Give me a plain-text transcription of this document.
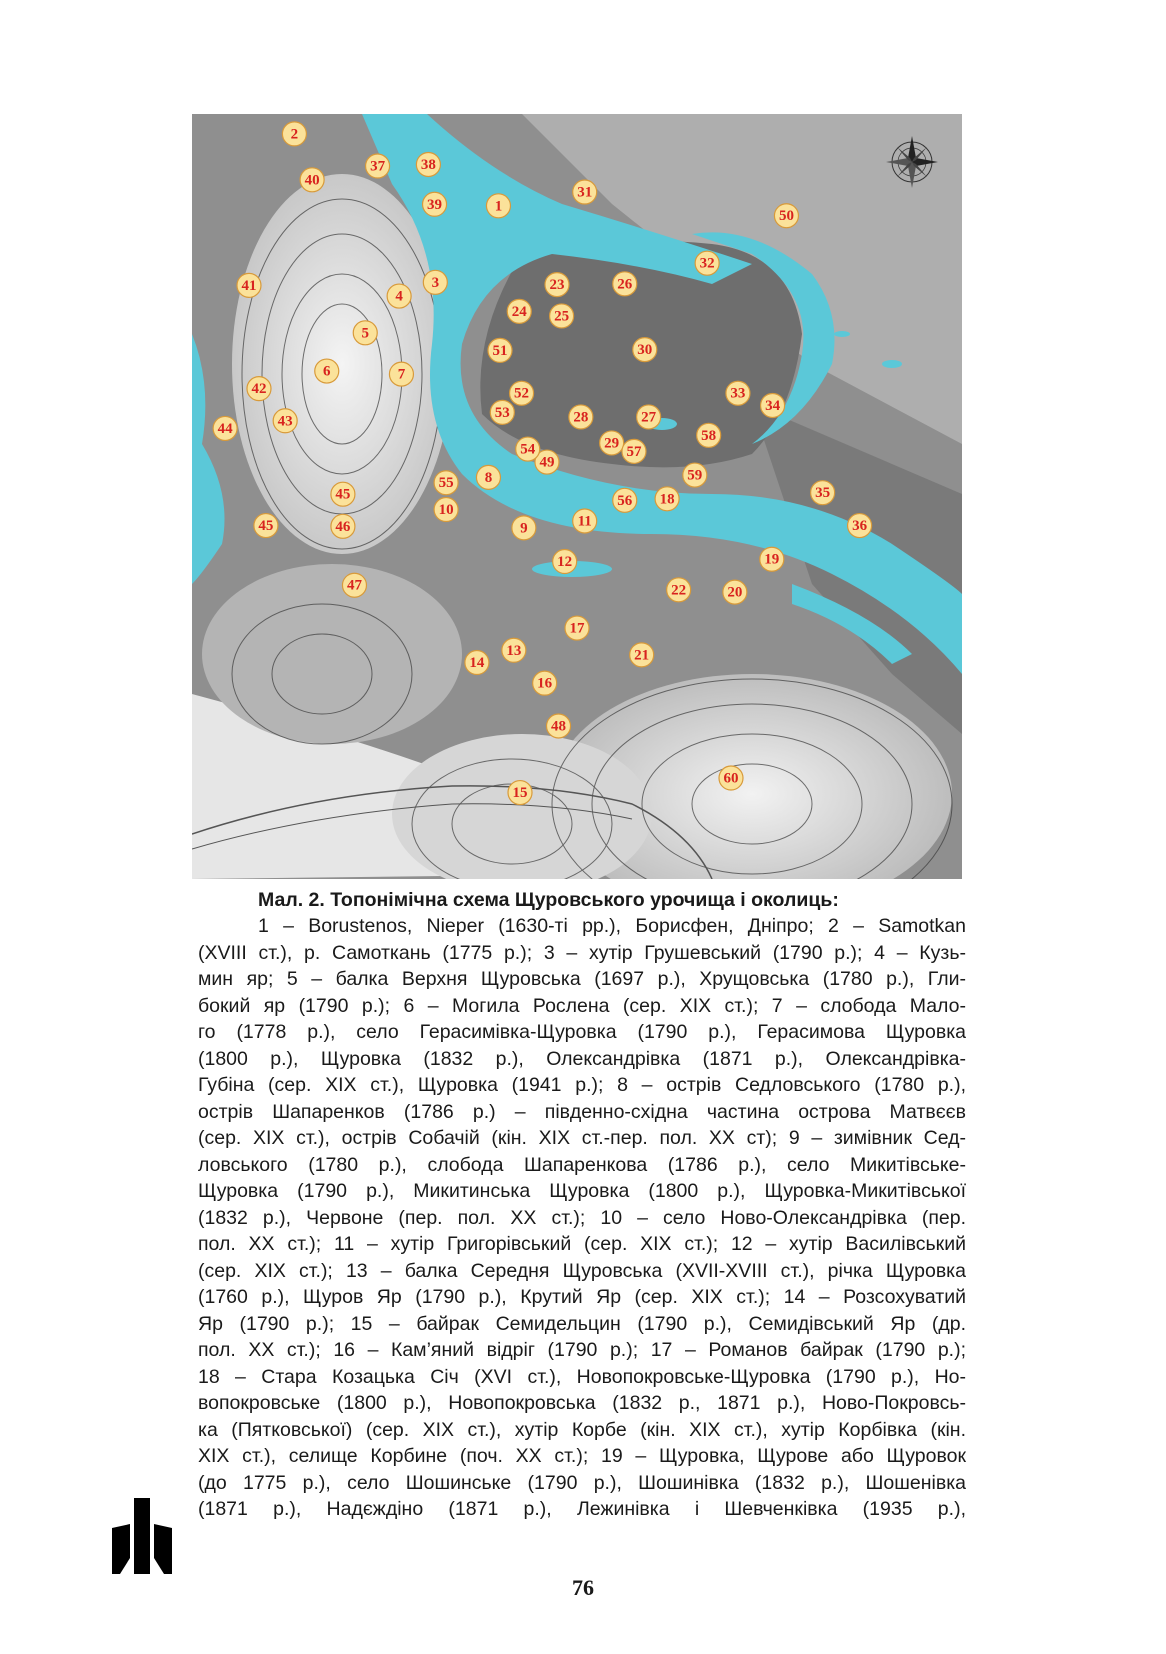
1
2
3
4
5
6	7
8
9
10
11
12
13
14
15
16
17
18
19
20
21
22
23
24 25
26
27
28
29
30
31
32
33
34
35
36
37 38
39
40
41
42
43
44
45
45	46
47
48
49
50
51
52
53
54
55
56
57
58
59
60
Мал. 2. Топонімічна схема Щуровського урочища і околиць:
1 – Borustenos, Nieper (1630-ті рр.), Борисфен, Дніпро; 2 – Samotkan
(XVIII ст.), р. Самоткань (1775 р.); 3 – хутір Грушевський (1790 р.); 4 – Кузь-
мин яр; 5 – балка Верхня Щуровська (1697 р.), Хрущовська (1780 р.), Гли-
бокий яр (1790 р.); 6 – Могила Рослена (сер. ХІХ ст.); 7 – слобода Мало-
го (1778 р.), село Герасимівка-Щуровка (1790 р.), Герасимова Щуровка
(1800 р.), Щуровка (1832 р.), Олександрівка (1871 р.), Олександрівка-
Губіна (сер. ХІХ ст.), Щуровка (1941 р.); 8 – острів Седловського (1780 р.),
острів Шапаренков (1786 р.) – південно-східна частина острова Матвєєв
(сер. ХІХ ст.), острів Собачій (кін. ХІХ ст.-пер. пол. ХХ ст); 9 – зимівник Сед-
ловського (1780 р.), слобода Шапаренкова (1786 р.), село Микитівське-
Щуровка (1790 р.), Микитинська Щуровка (1800 р.), Щуровка-Микитівської
(1832 р.), Червоне (пер. пол. ХХ ст.); 10 – село Ново-Олександрівка (пер.
пол. ХХ ст.); 11 – хутір Григорівський (сер. ХІХ ст.); 12 – хутір Василівський
(сер. ХІХ ст.); 13 – балка Середня Щуровська (XVII-XVIII ст.), річка Щуровка
(1760 р.), Щуров Яр (1790 р.), Крутий Яр (сер. ХІХ ст.); 14 – Розсохуватий
Яр (1790 р.); 15 – байрак Семидельцин (1790 р.), Семидівський Яр (др.
пол. ХХ ст.); 16 – Кам’яний відріг (1790 р.); 17 – Романов байрак (1790 р.);
18 – Стара Козацька Січ (XVI ст.), Новопокровське-Щуровка (1790 р.), Но-
вопокровське (1800 р.), Новопокровська (1832 р., 1871 р.), Ново-Покровсь-
ка (Пятковської) (сер. ХІХ ст.), хутір Корбе (кін. ХІХ ст.), хутір Корбівка (кін.
ХІХ ст.), селище Корбине (поч. ХХ ст.); 19 – Щуровка, Щурове або Щуровок
(до 1775 р.), село Шошинське (1790 р.), Шошинівка (1832 р.), Шошенівка
(1871 р.), Надєждіно (1871 р.), Лежинівка і Шевченківка (1935 р.),
76
